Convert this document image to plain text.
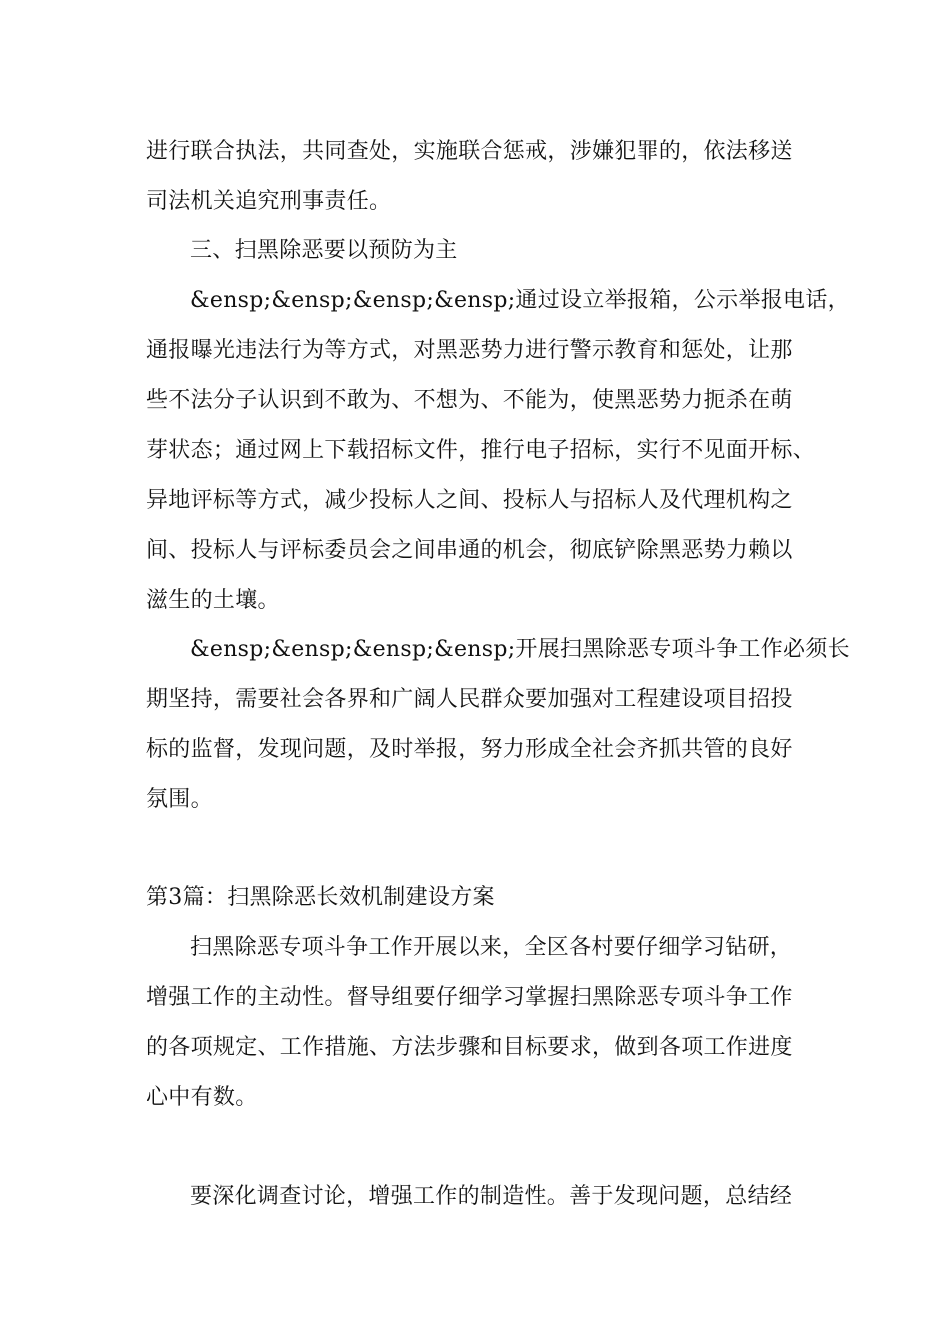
进行联合执法，共同查处，实施联合惩戒，涉嫌犯罪的，依法移送
司法机关追究刑事责任。
三、扫黑除恶要以预防为主
&ensp;&ensp;&ensp;&ensp;通过设立举报箱，公示举报电话，
通报曝光违法行为等方式，对黑恶势力进行警示教育和惩处，让那
些不法分子认识到不敢为、不想为、不能为，使黑恶势力扼杀在萌
芽状态；通过网上下载招标文件，推行电子招标，实行不见面开标、
异地评标等方式，减少投标人之间、投标人与招标人及代理机构之
间、投标人与评标委员会之间串通的机会，彻底铲除黑恶势力赖以
滋生的土壤。
&ensp;&ensp;&ensp;&ensp;开展扫黑除恶专项斗争工作必须长
期坚持，需要社会各界和广阔人民群众要加强对工程建设项目招投
标的监督，发现问题，及时举报，努力形成全社会齐抓共管的良好
氛围。
第3篇：扫黑除恶长效机制建设方案
扫黑除恶专项斗争工作开展以来，全区各村要仔细学习钻研，
增强工作的主动性。督导组要仔细学习掌握扫黑除恶专项斗争工作
的各项规定、工作措施、方法步骤和目标要求，做到各项工作进度
心中有数。
要深化调查讨论，增强工作的制造性。善于发现问题，总结经
